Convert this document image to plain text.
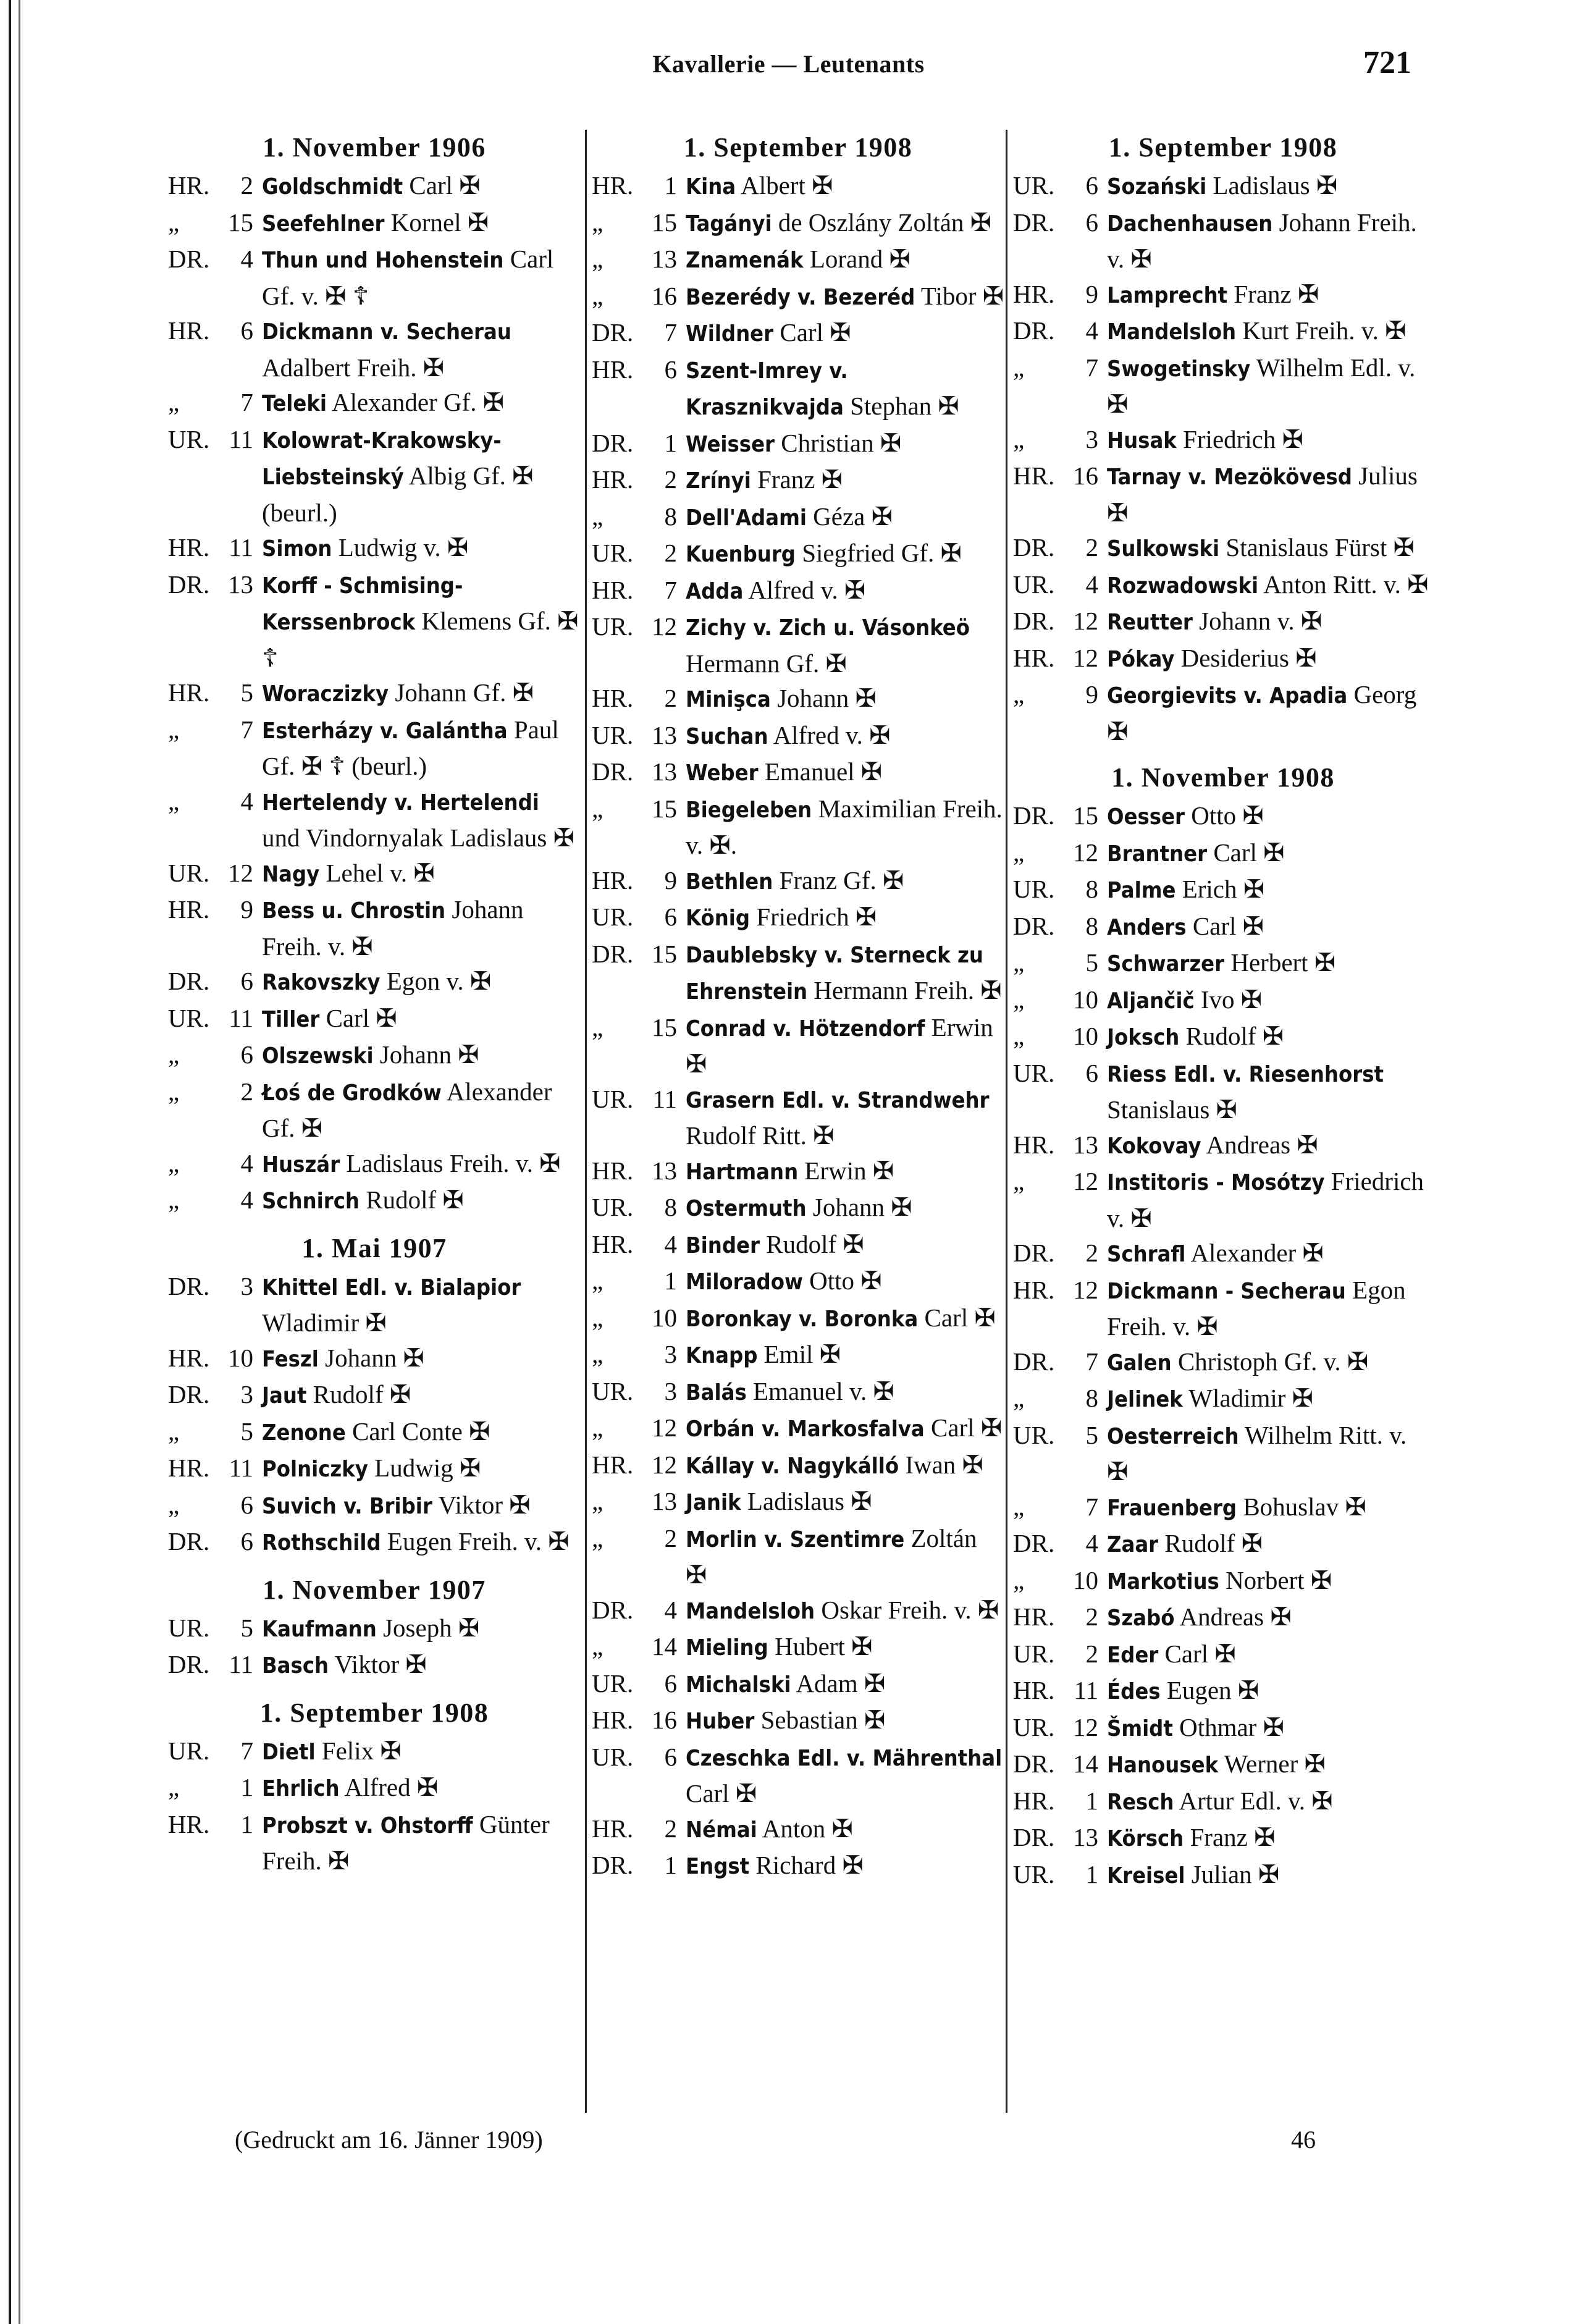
Kavallerie — Leutenants	721
1. November 1906
HR.	2 Goldschmidt Carl ✠
„	15 Seefehlner Kornel ✠
DR.	4 Thun und Hohenstein Carl Gf. v. ✠ ☦
HR.	6 Dickmann v. Secherau Adalbert Freih. ✠
„	7 Teleki Alexander Gf. ✠
UR. 11 Kolowrat-Krakowsky-Liebsteinský Albig Gf. ✠ (beurl.)
HR. 11 Simon Ludwig v. ✠
DR. 13 Korff - Schmising-Kerssenbrock Klemens Gf. ✠ ☦
HR.	5 Woraczizky Johann Gf. ✠
„	7 Esterházy v. Galántha Paul Gf. ✠ ☦ (beurl.)
„	4 Hertelendy v. Hertelendi und Vindornyalak Ladislaus ✠
UR. 12 Nagy Lehel v. ✠
HR.	9 Bess u. Chrostin Johann Freih. v. ✠
DR.	6 Rakovszky Egon v. ✠
UR. 11 Tiller Carl ✠
„	6 Olszewski Johann ✠
„	2 Łoś de Grodków Alexander Gf. ✠
„	4 Huszár Ladislaus Freih. v. ✠
„	4 Schnirch Rudolf ✠
1. Mai 1907
DR.	3 Khittel Edl. v. Bialapior Wladimir ✠
HR. 10 Feszl Johann ✠
DR.	3 Jaut Rudolf ✠
„	5 Zenone Carl Conte ✠
HR. 11 Polniczky Ludwig ✠
„	6 Suvich v. Bribir Viktor ✠
DR.	6 Rothschild Eugen Freih. v. ✠
1. November 1907
UR.	5 Kaufmann Joseph ✠
DR. 11 Basch Viktor ✠
1. September 1908
UR.	7 Dietl Felix ✠
„	1 Ehrlich Alfred ✠
HR.	1 Probszt v. Ohstorff Günter Freih. ✠
1. September 1908
HR.	1 Kina Albert ✠
„	15 Tagányi de Oszlány Zoltán ✠
„	13 Znamenák Lorand ✠
„	16 Bezerédy v. Bezeréd Tibor ✠
DR.	7 Wildner Carl ✠
HR.	6 Szent-Imrey v. Krasznikvajda Stephan ✠
DR.	1 Weisser Christian ✠
HR.	2 Zrínyi Franz ✠
„	8 Dell'Adami Géza ✠
UR.	2 Kuenburg Siegfried Gf. ✠
HR.	7 Adda Alfred v. ✠
UR. 12 Zichy v. Zich u. Vásonkeö Hermann Gf. ✠
HR.	2 Minişca Johann ✠
UR. 13 Suchan Alfred v. ✠
DR. 13 Weber Emanuel ✠
„	15 Biegeleben Maximilian Freih. v. ✠.
HR.	9 Bethlen Franz Gf. ✠
UR.	6 König Friedrich ✠
DR. 15 Daublebsky v. Sterneck zu Ehrenstein Hermann Freih. ✠
„	15 Conrad v. Hötzendorf Erwin ✠
UR. 11 Grasern Edl. v. Strandwehr Rudolf Ritt. ✠
HR. 13 Hartmann Erwin ✠
UR.	8 Ostermuth Johann ✠
HR.	4 Binder Rudolf ✠
„	1 Miloradow Otto ✠
„	10 Boronkay v. Boronka Carl ✠
„	3 Knapp Emil ✠
UR.	3 Balás Emanuel v. ✠
„	12 Orbán v. Markosfalva Carl ✠
HR. 12 Kállay v. Nagykálló Iwan ✠
„	13 Janik Ladislaus ✠
„	2 Morlin v. Szentimre Zoltán ✠
DR.	4 Mandelsloh Oskar Freih. v. ✠
„	14 Mieling Hubert ✠
UR.	6 Michalski Adam ✠
HR. 16 Huber Sebastian ✠
UR.	6 Czeschka Edl. v. Mährenthal Carl ✠
HR.	2 Némai Anton ✠
DR.	1 Engst Richard ✠
1. September 1908
UR.	6 Sozański Ladislaus ✠
DR.	6 Dachenhausen Johann Freih. v. ✠
HR.	9 Lamprecht Franz ✠
DR.	4 Mandelsloh Kurt Freih. v. ✠
„	7 Swogetinsky Wilhelm Edl. v. ✠
„	3 Husak Friedrich ✠
HR. 16 Tarnay v. Mezökövesd Julius ✠
DR.	2 Sulkowski Stanislaus Fürst ✠
UR.	4 Rozwadowski Anton Ritt. v. ✠
DR. 12 Reutter Johann v. ✠
HR. 12 Pókay Desiderius ✠
„	9 Georgievits v. Apadia Georg ✠
1. November 1908
DR. 15 Oesser Otto ✠
„	12 Brantner Carl ✠
UR.	8 Palme Erich ✠
DR.	8 Anders Carl ✠
„	5 Schwarzer Herbert ✠
„	10 Aljančič Ivo ✠
„	10 Joksch Rudolf ✠
UR.	6 Riess Edl. v. Riesenhorst Stanislaus ✠
HR. 13 Kokovay Andreas ✠
„	12 Institoris - Mosótzy Friedrich v. ✠
DR.	2 Schrafl Alexander ✠
HR. 12 Dickmann - Secherau Egon Freih. v. ✠
DR.	7 Galen Christoph Gf. v. ✠
„	8 Jelinek Wladimir ✠
UR.	5 Oesterreich Wilhelm Ritt. v. ✠
„	7 Frauenberg Bohuslav ✠
DR.	4 Zaar Rudolf ✠
„	10 Markotius Norbert ✠
HR.	2 Szabó Andreas ✠
UR.	2 Eder Carl ✠
HR. 11 Édes Eugen ✠
UR. 12 Šmidt Othmar ✠
DR. 14 Hanousek Werner ✠
HR.	1 Resch Artur Edl. v. ✠
DR. 13 Körsch Franz ✠
UR.	1 Kreisel Julian ✠
(Gedruckt am 16. Jänner 1909)	46
